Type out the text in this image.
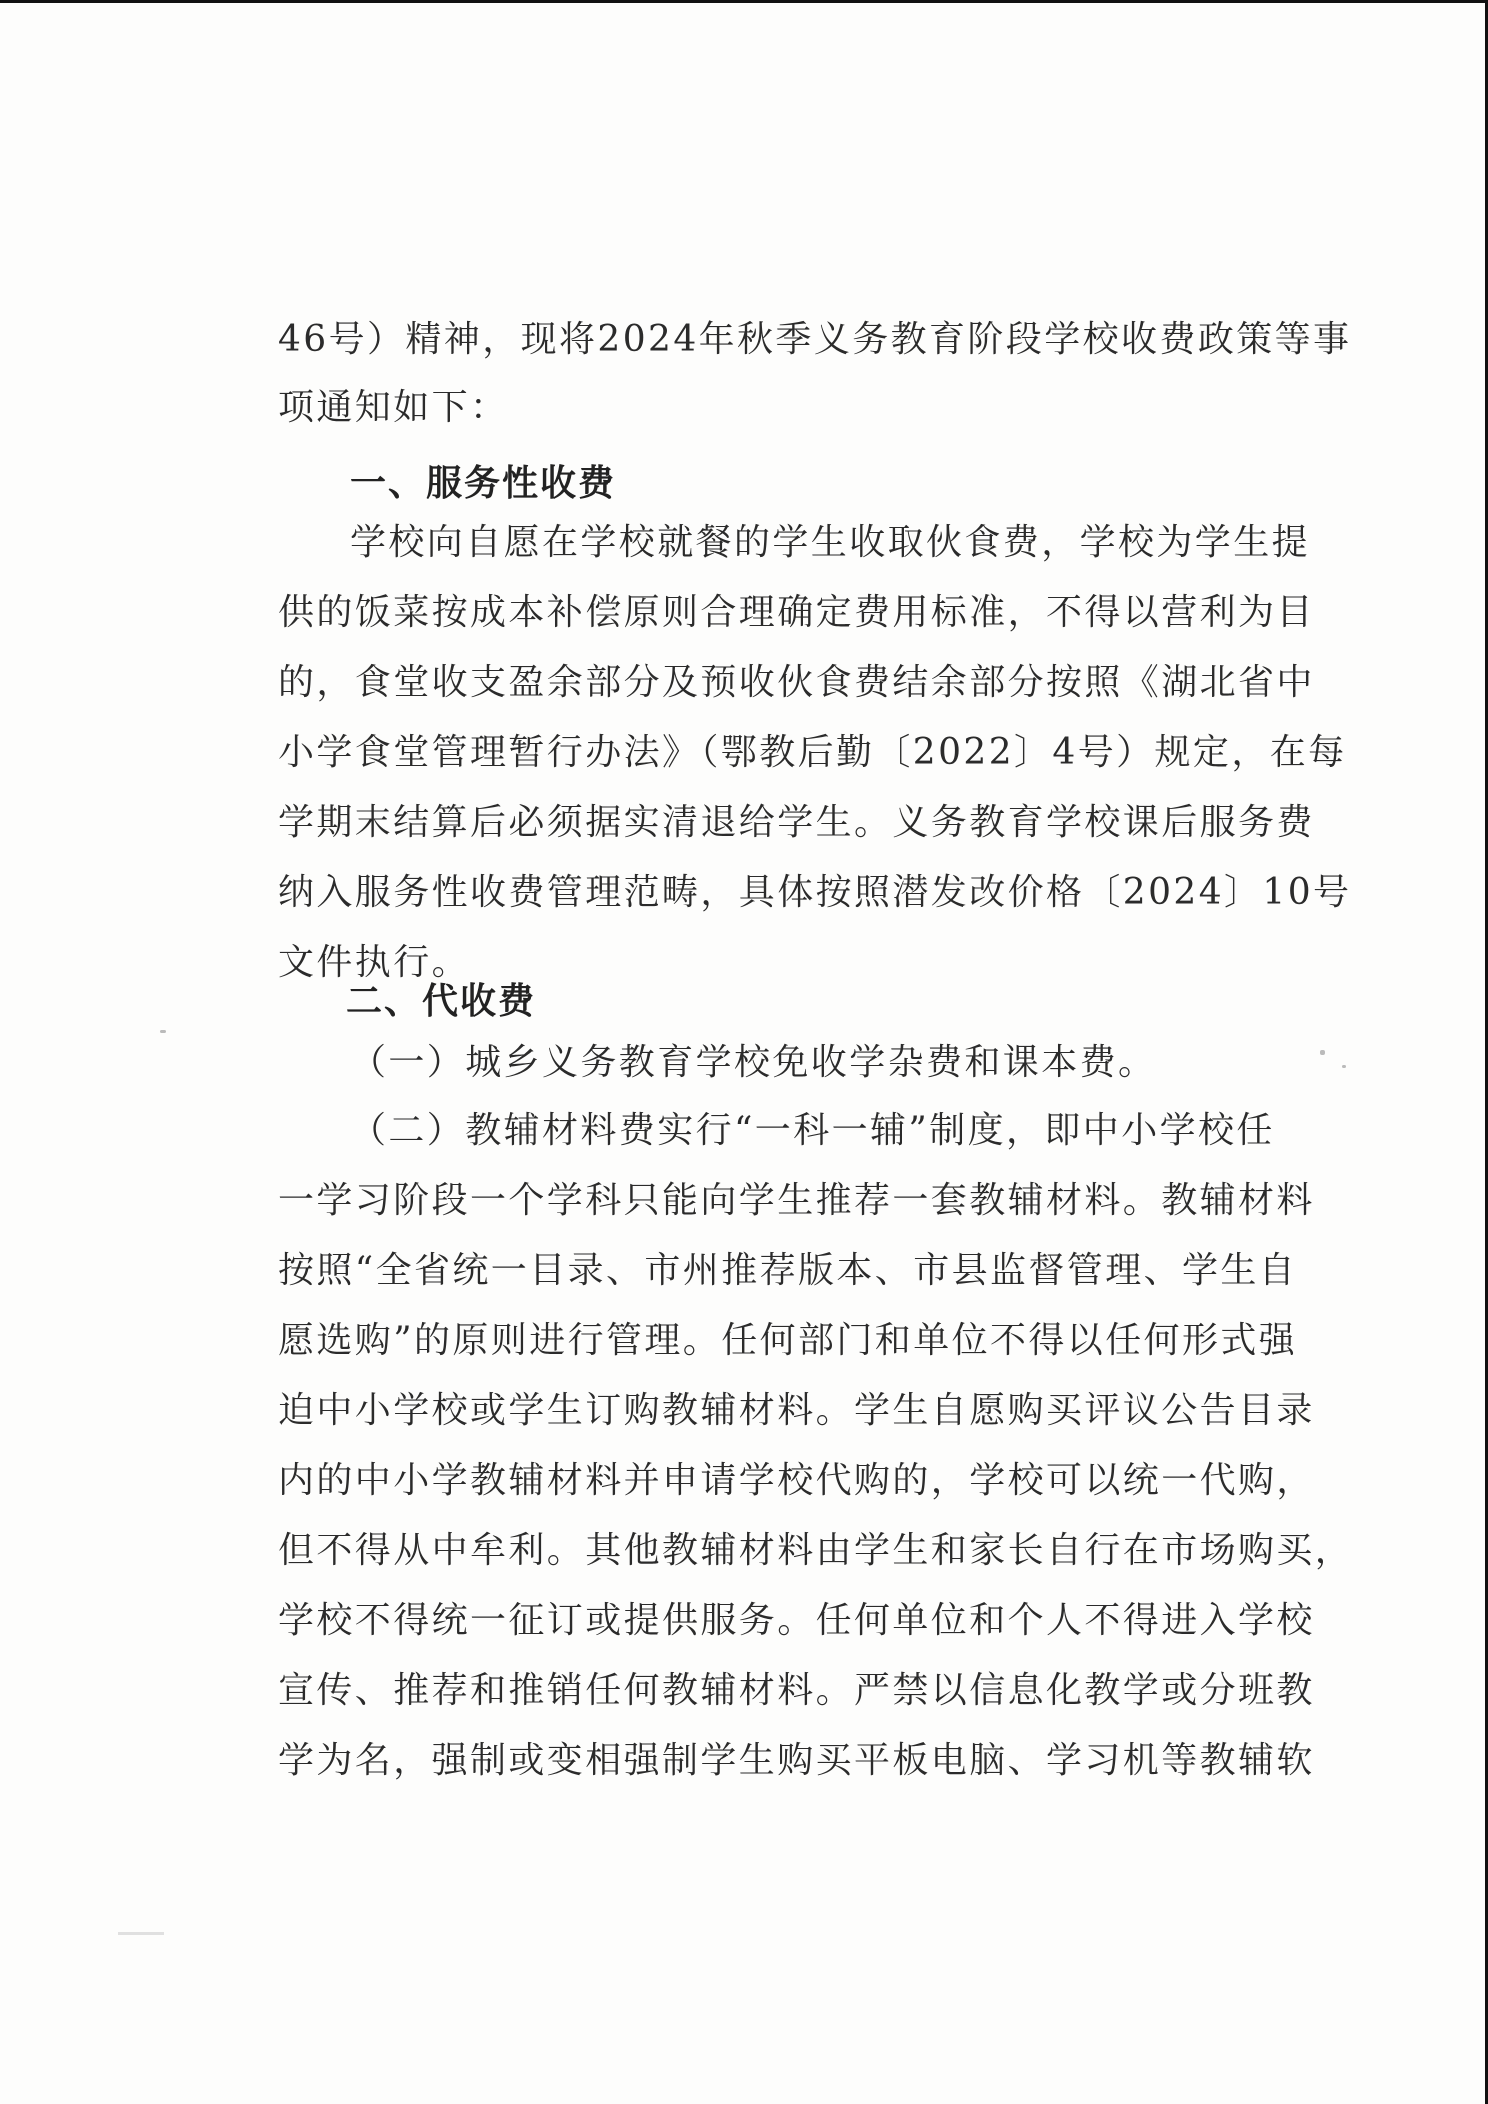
46号）精神，现将2024年秋季义务教育阶段学校收费政策等事
项通知如下：
一、服务性收费
学校向自愿在学校就餐的学生收取伙食费，学校为学生提
供的饭菜按成本补偿原则合理确定费用标准，不得以营利为目
的，食堂收支盈余部分及预收伙食费结余部分按照《湖北省中
小学食堂管理暂行办法》（鄂教后勤〔2022〕4号）规定，在每
学期末结算后必须据实清退给学生。义务教育学校课后服务费
纳入服务性收费管理范畴，具体按照潜发改价格〔2024〕10号
文件执行。
二、代收费
（一）城乡义务教育学校免收学杂费和课本费。
（二）教辅材料费实行“一科一辅”制度，即中小学校任
一学习阶段一个学科只能向学生推荐一套教辅材料。教辅材料
按照“全省统一目录、市州推荐版本、市县监督管理、学生自
愿选购”的原则进行管理。任何部门和单位不得以任何形式强
迫中小学校或学生订购教辅材料。学生自愿购买评议公告目录
内的中小学教辅材料并申请学校代购的，学校可以统一代购，
但不得从中牟利。其他教辅材料由学生和家长自行在市场购买，
学校不得统一征订或提供服务。任何单位和个人不得进入学校
宣传、推荐和推销任何教辅材料。严禁以信息化教学或分班教
学为名，强制或变相强制学生购买平板电脑、学习机等教辅软
